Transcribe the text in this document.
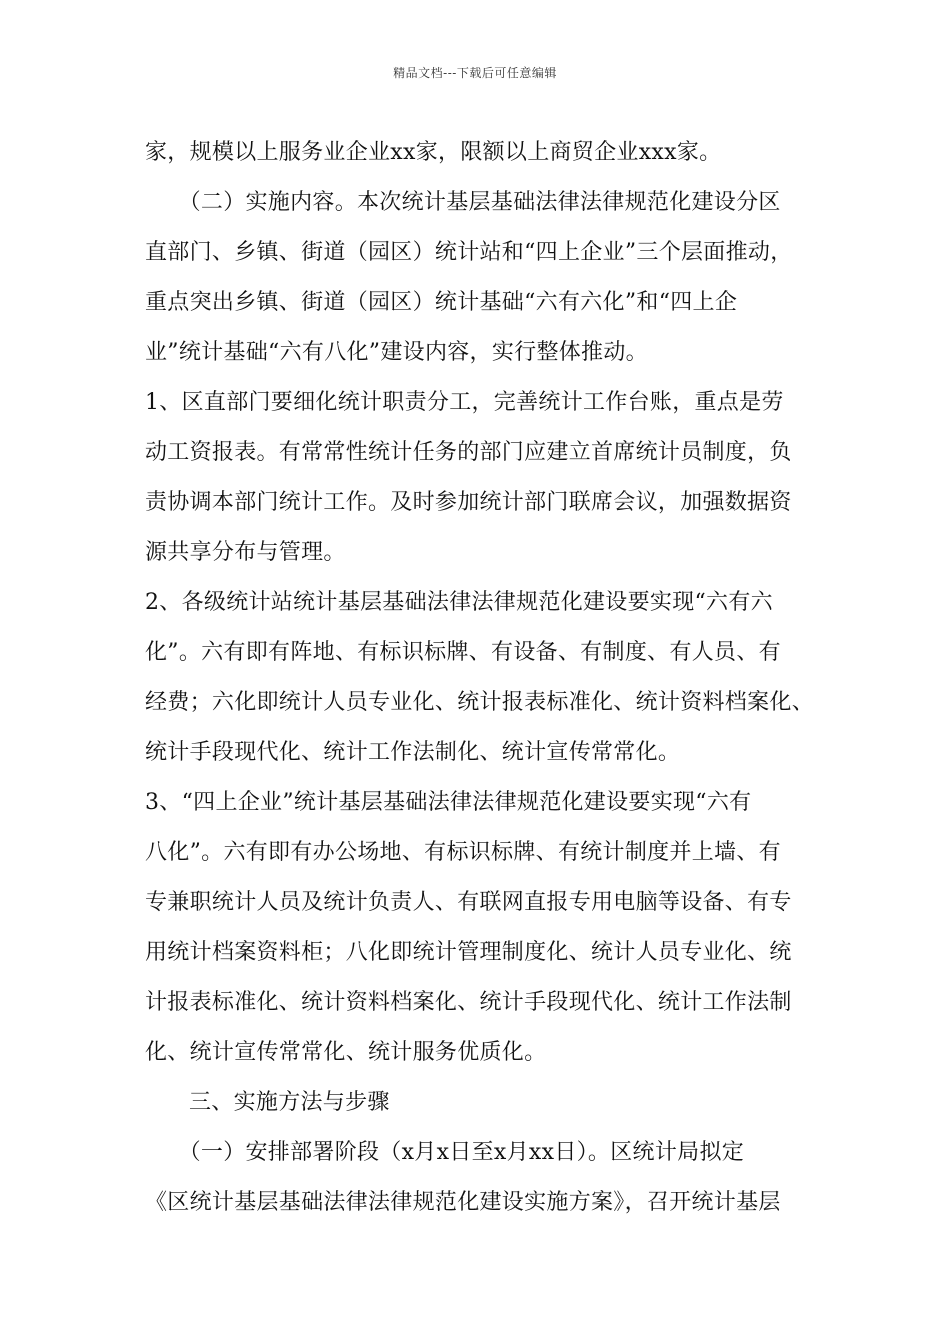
精品文档---下载后可任意编辑
家，规模以上服务业企业xx家，限额以上商贸企业xxx家。
　　（二）实施内容。本次统计基层基础法律法律规范化建设分区
直部门、乡镇、街道（园区）统计站和“四上企业”三个层面推动，
重点突出乡镇、街道（园区）统计基础“六有六化”和“四上企
业”统计基础“六有八化”建设内容，实行整体推动。
1、区直部门要细化统计职责分工，完善统计工作台账，重点是劳
动工资报表。有常常性统计任务的部门应建立首席统计员制度，负
责协调本部门统计工作。及时参加统计部门联席会议，加强数据资
源共享分布与管理。
2、各级统计站统计基层基础法律法律规范化建设要实现“六有六
化”。六有即有阵地、有标识标牌、有设备、有制度、有人员、有
经费；六化即统计人员专业化、统计报表标准化、统计资料档案化、
统计手段现代化、统计工作法制化、统计宣传常常化。
3、“四上企业”统计基层基础法律法律规范化建设要实现“六有
八化”。六有即有办公场地、有标识标牌、有统计制度并上墙、有
专兼职统计人员及统计负责人、有联网直报专用电脑等设备、有专
用统计档案资料柜；八化即统计管理制度化、统计人员专业化、统
计报表标准化、统计资料档案化、统计手段现代化、统计工作法制
化、统计宣传常常化、统计服务优质化。
三、实施方法与步骤
　　（一）安排部署阶段（x月x日至x月xx日）。区统计局拟定
《区统计基层基础法律法律规范化建设实施方案》，召开统计基层
